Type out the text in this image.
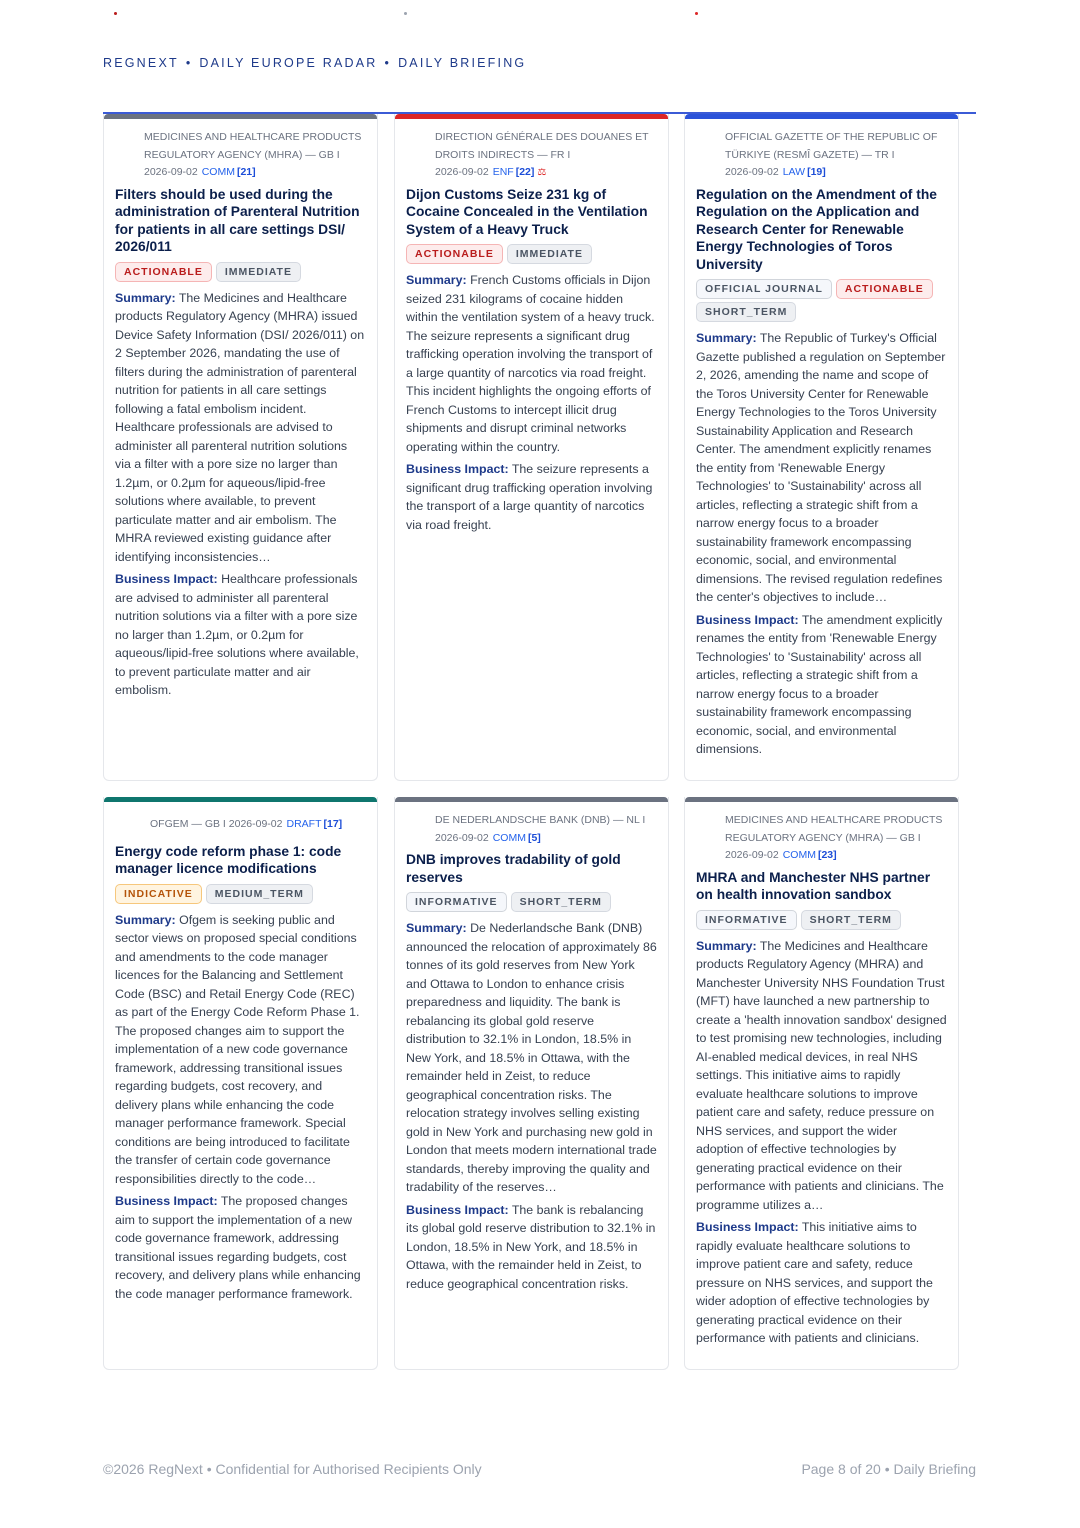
REGNEXT • DAILY EUROPE RADAR • DAILY BRIEFING
MEDICINES AND HEALTHCARE PRODUCTS REGULATORY AGENCY (MHRA) — GB I
2026-09-02 COMM [21]
Filters should be used during the administration of Parenteral Nutrition for patients in all care settings DSI/ 2026/011
ACTIONABLE IMMEDIATE
Summary: The Medicines and Healthcare products Regulatory Agency (MHRA) issued Device Safety Information (DSI/ 2026/011) on 2 September 2026, mandating the use of filters during the administration of parenteral nutrition for patients in all care settings following a fatal embolism incident. Healthcare professionals are advised to administer all parenteral nutrition solutions via a filter with a pore size no larger than 1.2µm, or 0.2µm for aqueous/lipid-free solutions where available, to prevent particulate matter and air embolism. The MHRA reviewed existing guidance after identifying inconsistencies…
Business Impact: Healthcare professionals are advised to administer all parenteral nutrition solutions via a filter with a pore size no larger than 1.2µm, or 0.2µm for aqueous/lipid-free solutions where available, to prevent particulate matter and air embolism.
DIRECTION GÉNÉRALE DES DOUANES ET DROITS INDIRECTS — FR I
2026-09-02 ENF [22] ⚖
Dijon Customs Seize 231 kg of Cocaine Concealed in the Ventilation System of a Heavy Truck
ACTIONABLE IMMEDIATE
Summary: French Customs officials in Dijon seized 231 kilograms of cocaine hidden within the ventilation system of a heavy truck. The seizure represents a significant drug trafficking operation involving the transport of a large quantity of narcotics via road freight. This incident highlights the ongoing efforts of French Customs to intercept illicit drug shipments and disrupt criminal networks operating within the country.
Business Impact: The seizure represents a significant drug trafficking operation involving the transport of a large quantity of narcotics via road freight.
OFFICIAL GAZETTE OF THE REPUBLIC OF TÜRKIYE (RESMÎ GAZETE) — TR I
2026-09-02 LAW [19]
Regulation on the Amendment of the Regulation on the Application and Research Center for Renewable Energy Technologies of Toros University
OFFICIAL JOURNAL ACTIONABLESHORT_TERM
Summary: The Republic of Turkey's Official Gazette published a regulation on September 2, 2026, amending the name and scope of the Toros University Center for Renewable Energy Technologies to the Toros University Sustainability Application and Research Center. The amendment explicitly renames the entity from 'Renewable Energy Technologies' to 'Sustainability' across all articles, reflecting a strategic shift from a narrow energy focus to a broader sustainability framework encompassing economic, social, and environmental dimensions. The revised regulation redefines the center's objectives to include…
Business Impact: The amendment explicitly renames the entity from 'Renewable Energy Technologies' to 'Sustainability' across all articles, reflecting a strategic shift from a narrow energy focus to a broader sustainability framework encompassing economic, social, and environmental dimensions.
OFGEM — GB I 2026-09-02 DRAFT [17]
Energy code reform phase 1: code manager licence modifications
INDICATIVE MEDIUM_TERM
Summary: Ofgem is seeking public and sector views on proposed special conditions and amendments to the code manager licences for the Balancing and Settlement Code (BSC) and Retail Energy Code (REC) as part of the Energy Code Reform Phase 1. The proposed changes aim to support the implementation of a new code governance framework, addressing transitional issues regarding budgets, cost recovery, and delivery plans while enhancing the code manager performance framework. Special conditions are being introduced to facilitate the transfer of certain code governance responsibilities directly to the code…
Business Impact: The proposed changes aim to support the implementation of a new code governance framework, addressing transitional issues regarding budgets, cost recovery, and delivery plans while enhancing the code manager performance framework.
DE NEDERLANDSCHE BANK (DNB) — NL I
2026-09-02 COMM [5]
DNB improves tradability of gold reserves
INFORMATIVE SHORT_TERM
Summary: De Nederlandsche Bank (DNB) announced the relocation of approximately 86 tonnes of its gold reserves from New York and Ottawa to London to enhance crisis preparedness and liquidity. The bank is rebalancing its global gold reserve distribution to 32.1% in London, 18.5% in New York, and 18.5% in Ottawa, with the remainder held in Zeist, to reduce geographical concentration risks. The relocation strategy involves selling existing gold in New York and purchasing new gold in London that meets modern international trade standards, thereby improving the quality and tradability of the reserves…
Business Impact: The bank is rebalancing its global gold reserve distribution to 32.1% in London, 18.5% in New York, and 18.5% in Ottawa, with the remainder held in Zeist, to reduce geographical concentration risks.
MEDICINES AND HEALTHCARE PRODUCTS REGULATORY AGENCY (MHRA) — GB I
2026-09-02 COMM [23]
MHRA and Manchester NHS partner on health innovation sandbox
INFORMATIVE SHORT_TERM
Summary: The Medicines and Healthcare products Regulatory Agency (MHRA) and Manchester University NHS Foundation Trust (MFT) have launched a new partnership to create a 'health innovation sandbox' designed to test promising new technologies, including AI-enabled medical devices, in real NHS settings. This initiative aims to rapidly evaluate healthcare solutions to improve patient care and safety, reduce pressure on NHS services, and support the wider adoption of effective technologies by generating practical evidence on their performance with patients and clinicians. The programme utilizes a…
Business Impact: This initiative aims to rapidly evaluate healthcare solutions to improve patient care and safety, reduce pressure on NHS services, and support the wider adoption of effective technologies by generating practical evidence on their performance with patients and clinicians.
©2026 RegNext • Confidential for Authorised Recipients Only	Page 8 of 20 • Daily Briefing
